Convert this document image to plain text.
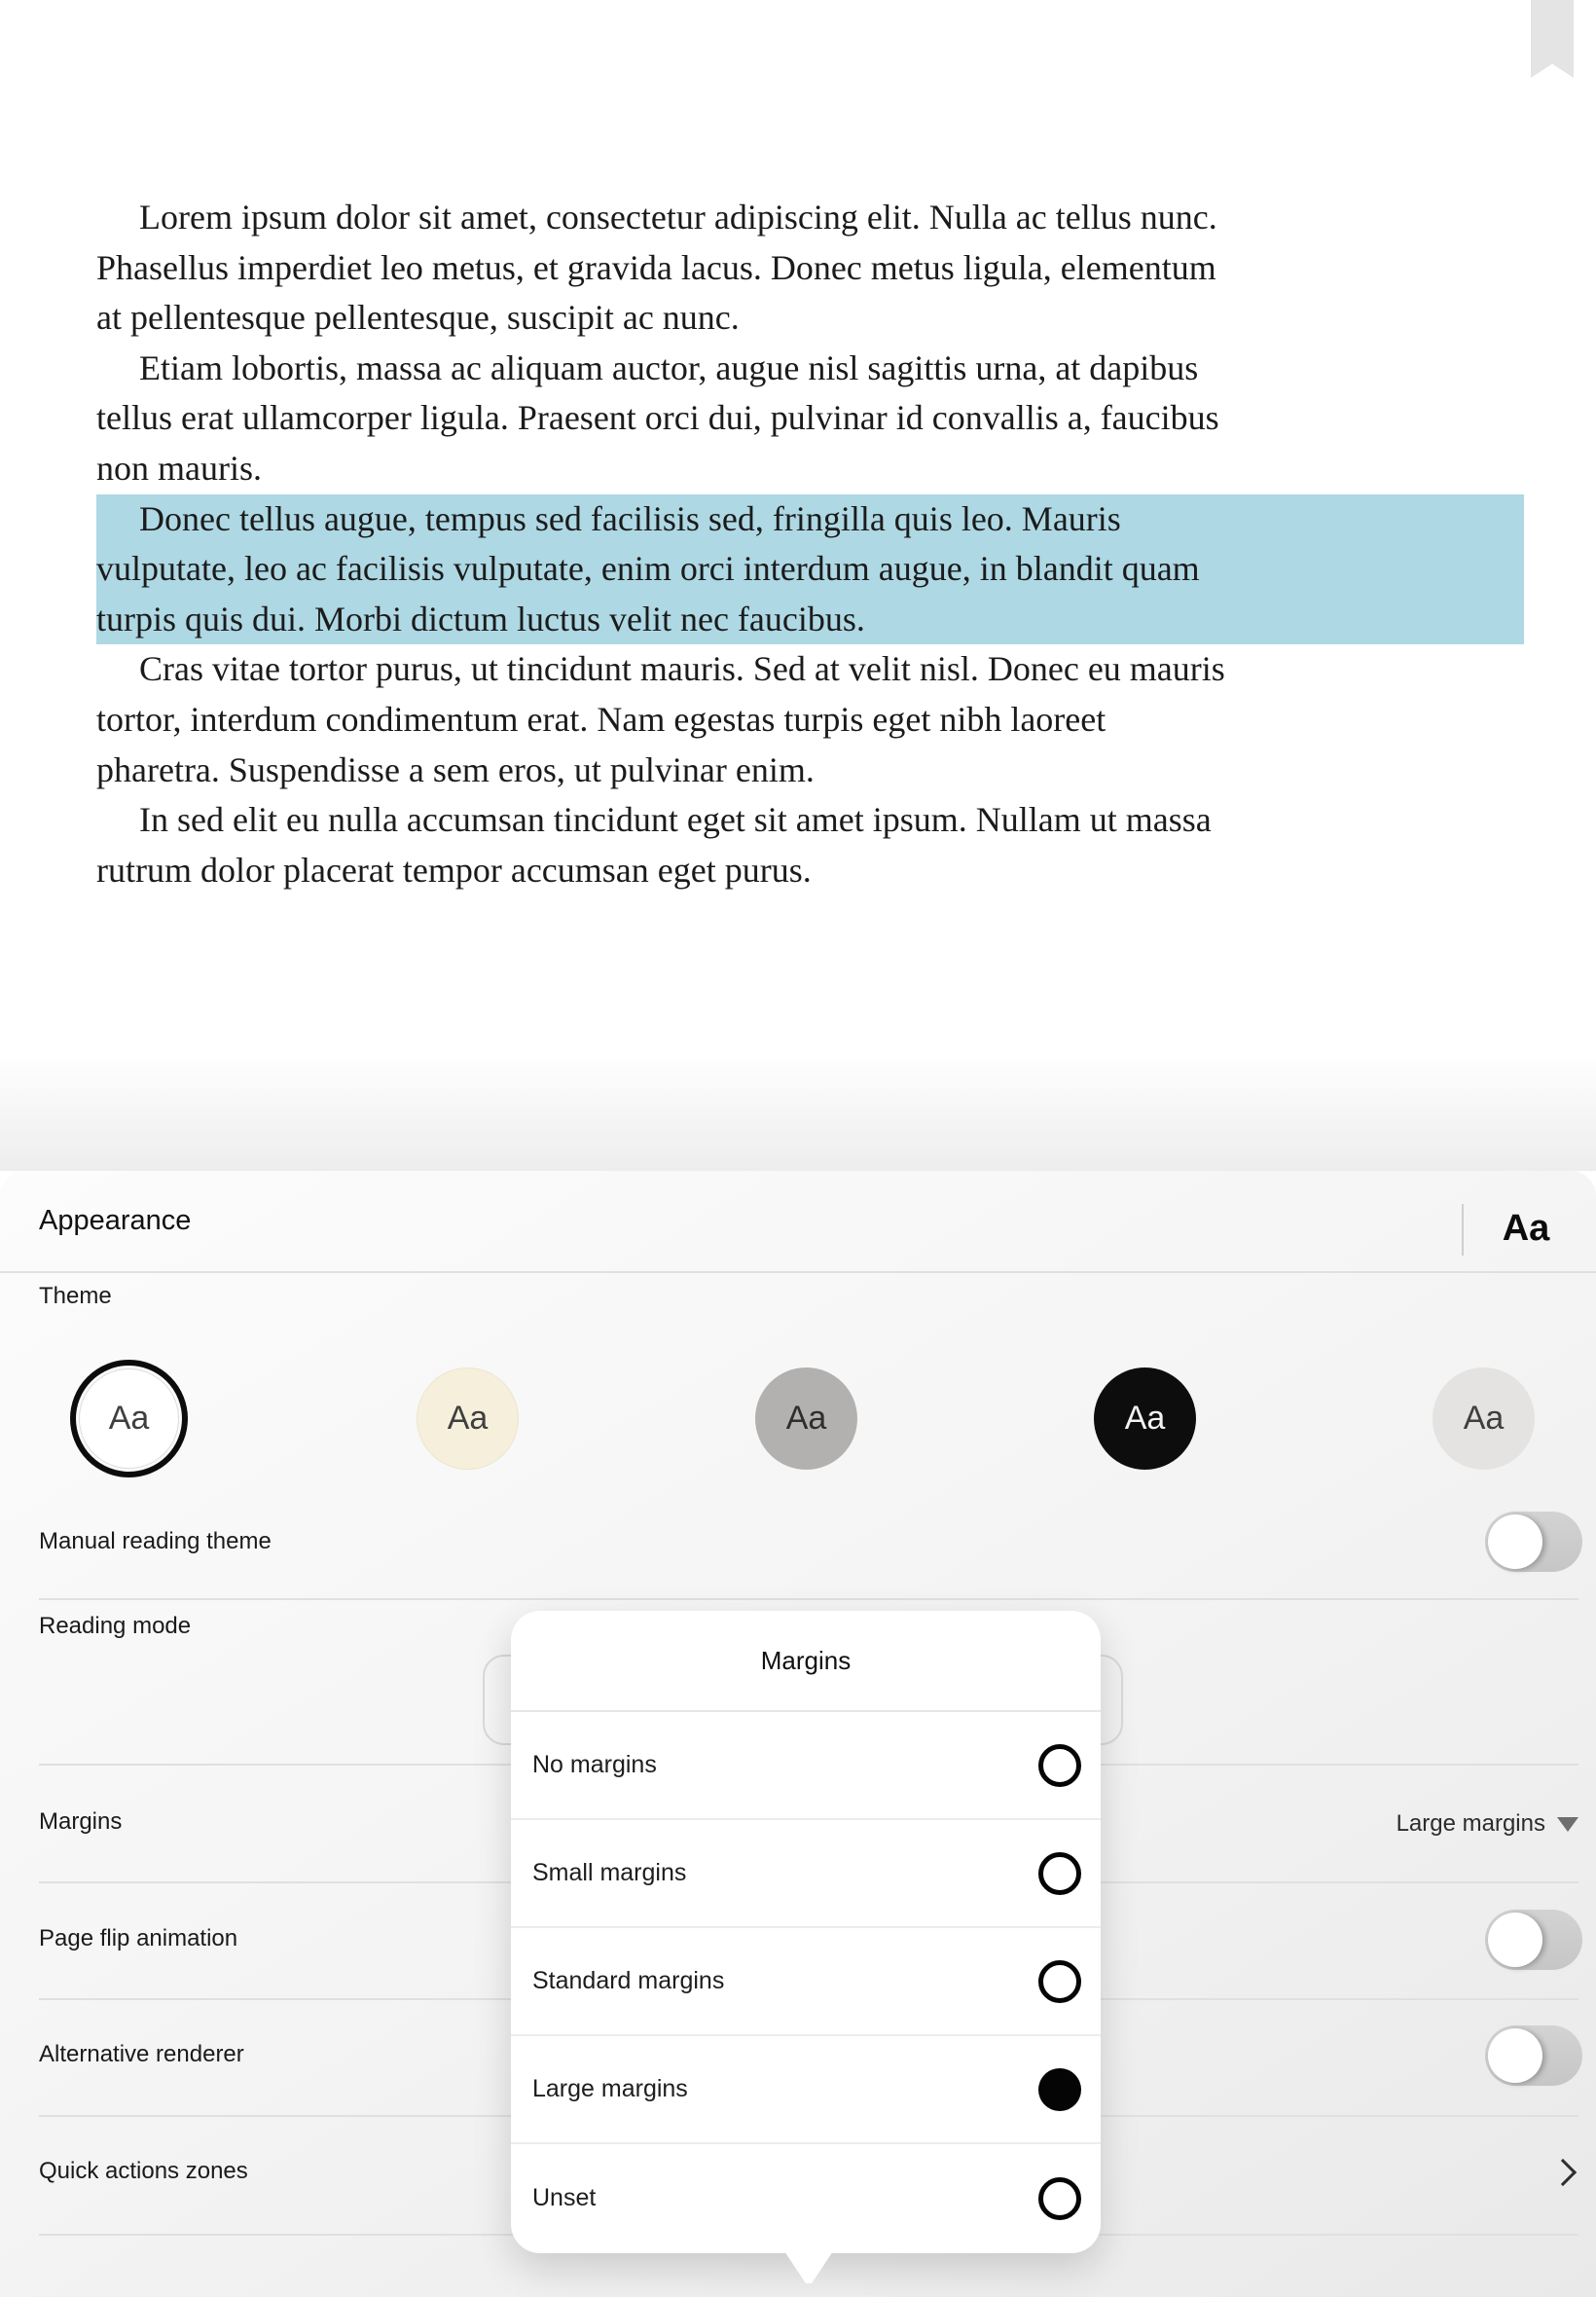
Lorem ipsum dolor sit amet, consectetur adipiscing elit. Nulla ac tellus nunc.
Phasellus imperdiet leo metus, et gravida lacus. Donec metus ligula, elementum
at pellentesque pellentesque, suscipit ac nunc.
Etiam lobortis, massa ac aliquam auctor, augue nisl sagittis urna, at dapibus
tellus erat ullamcorper ligula. Praesent orci dui, pulvinar id convallis a, faucibus
non mauris.
Donec tellus augue, tempus sed facilisis sed, fringilla quis leo. Mauris
vulputate, leo ac facilisis vulputate, enim orci interdum augue, in blandit quam
turpis quis dui. Morbi dictum luctus velit nec faucibus.
Cras vitae tortor purus, ut tincidunt mauris. Sed at velit nisl. Donec eu mauris
tortor, interdum condimentum erat. Nam egestas turpis eget nibh laoreet
pharetra. Suspendisse a sem eros, ut pulvinar enim.
In sed elit eu nulla accumsan tincidunt eget sit amet ipsum. Nullam ut massa
rutrum dolor placerat tempor accumsan eget purus.
Appearance	Aa
Theme
Aa	Aa	Aa	Aa	Aa
Manual reading theme
Reading mode
Margins	Large margins
Page flip animation
Alternative renderer
Quick actions zones
Margins
No margins
Small margins
Standard margins
Large margins
Unset
